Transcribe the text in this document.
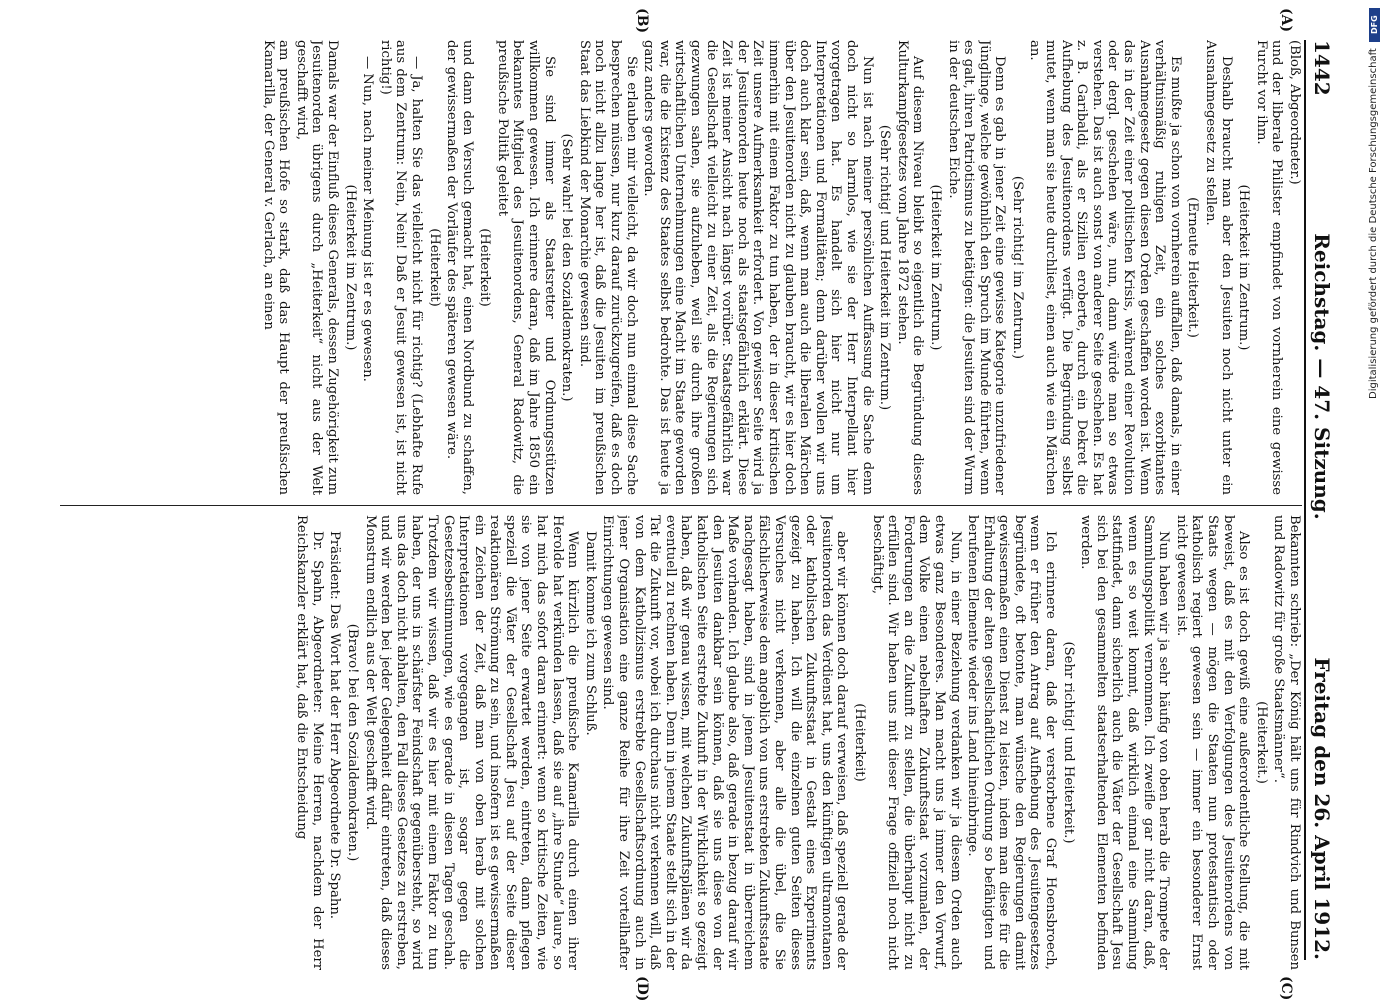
1442
Reichstag. — 47. Sitzung.
Freitag den 26. April 1912.
(A)
(B)
(C)
(D)

(Bloß, Abgeordneter.)

und der liberale Philister empfindet von vornherein eine gewisse Furcht vor ihm.

(Heiterkeit im Zentrum.)

Deshalb braucht man aber den Jesuiten noch nicht unter ein Ausnahmegesetz zu stellen.

(Erneute Heiterkeit.)

Es mußte ja schon von vornherein auffallen, daß damals, in einer verhältnismäßig ruhigen Zeit, ein solches exorbitantes Ausnahmegesetz gegen diesen Orden geschaffen worden ist. Wenn das in der Zeit einer politischen Krisis, während einer Revolution oder dergl. geschehen wäre, nun, dann würde man so etwas verstehen. Das ist auch sonst von anderer Seite geschehen. Es hat z. B. Garibaldi, als er Sizilien eroberte, durch ein Dekret die Aufhebung des Jesuitenordens verfügt. Die Begründung selbst mutet, wenn man sie heute durchliest, einen auch wie ein Märchen an.

(Sehr richtig! im Zentrum.)

Denn es gab in jener Zeit eine gewisse Kategorie unzufriedener Jünglinge, welche gewöhnlich den Spruch im Munde führten, wenn es galt, ihren Patriotismus zu betätigen: die Jesuiten sind der Wurm in der deutschen Eiche.

(Heiterkeit im Zentrum.)

Auf diesem Niveau bleibt so eigentlich die Begründung dieses Kulturkampfgesetzes vom Jahre 1872 stehen.

(Sehr richtig! und Heiterkeit im Zentrum.)

Nun ist nach meiner persönlichen Auffassung die Sache denn doch nicht so harmlos, wie sie der Herr Interpellant hier vorgetragen hat. Es handelt sich hier nicht nur um Interpretationen und Formalitäten; denn darüber wollen wir uns doch auch klar sein, daß, wenn man auch die liberalen Märchen über den Jesuitenorden nicht zu glauben braucht, wir es hier doch immerhin mit einem Faktor zu tun haben, der in dieser kritischen Zeit unsere Aufmerksamkeit erfordert. Von gewisser Seite wird ja der Jesuitenorden heute noch als staatsgefährlich erklärt. Diese Zeit ist meiner Ansicht nach längst vorüber. Staatsgefährlich war die Gesellschaft vielleicht zu einer Zeit, als die Regierungen sich gezwungen sahen, sie aufzuheben, weil sie durch ihre großen wirtschaftlichen Unternehmungen eine Macht im Staate geworden war, die die Existenz des Staates selbst bedrohte. Das ist heute ja ganz anders geworden.

Sie erlauben mir vielleicht, da wir doch nun einmal diese Sache besprechen müssen, nur kurz darauf zurückzugreifen, daß es doch noch nicht allzu lange her ist, daß die Jesuiten im preußischen Staat das Liebkind der Monarchie gewesen sind.

(Sehr wahr! bei den Sozialdemokraten.)

Sie sind immer als Staatsretter und Ordnungsstützen willkommen gewesen. Ich erinnere daran, daß im Jahre 1850 ein bekanntes Mitglied des Jesuitenordens, General Radowitz, die preußische Politik geleitet

(Heiterkeit)

und dann den Versuch gemacht hat, einen Nordbund zu schaffen, der gewissermaßen der Vorläufer des späteren gewesen wäre.

(Heiterkeit)

— Ja, halten Sie das vielleicht nicht für richtig? (Lebhafte Rufe aus dem Zentrum: Nein, Nein! Daß er Jesuit gewesen ist, ist nicht richtig!)

— Nun, nach meiner Meinung ist er es gewesen.

(Heiterkeit im Zentrum.)

Damals war der Einfluß dieses Generals, dessen Zugehörigkeit zum Jesuitenorden übrigens durch „Heiterkeit“ nicht aus der Welt geschafft wird,

am preußischen Hofe so stark, daß das Haupt der preußischen Kamarilla, der General v. Gerlach, an einen

Bekannten schrieb: „Der König hält uns für Rindvich und Bunsen und Radowitz für große Staatsmänner“.

(Heiterkeit.)

Also es ist doch gewiß eine außerordentliche Stellung, die mit beweist, daß es mit den Verfolgungen des Jesuitenordens von Staats wegen — mögen die Staaten nun protestantisch oder katholisch regiert gewesen sein — immer ein besonderer Ernst nicht gewesen ist.

Nun haben wir ja sehr häufig von oben herab die Trompete der Sammlungspolitik vernommen. Ich zweifle gar nicht daran, daß, wenn es so weit kommt, daß wirklich einmal eine Sammlung stattfindet, dann sicherlich auch die Väter der Gesellschaft Jesu sich bei den gesammelten staatserhaltenden Elementen befinden werden.

(Sehr richtig! und Heiterkeit.)

Ich erinnere daran, daß der verstorbene Graf Hoensbroech, wenn er früher den Antrag auf Aufhebung des Jesuitengesetzes begründete, oft betonte, man wünsche den Regierungen damit gewissermaßen einen Dienst zu leisten, indem man diese für die Erhaltung der alten gesellschaftlichen Ordnung so befähigten und berufenen Elemente wieder ins Land hineinbringe.

Nun, in einer Beziehung verdanken wir ja diesem Orden auch etwas ganz Besonderes. Man macht uns ja immer den Vorwurf, dem Volke einen nebelhaften Zukunftsstaat vorzumalen, der Forderungen an die Zukunft zu stellen, die überhaupt nicht zu erfüllen sind. Wir haben uns mit dieser Frage offiziell noch nicht beschäftigt,

(Heiterkeit)

aber wir können doch darauf verweisen, daß speziell gerade der Jesuitenorden das Verdienst hat, uns den künftigen ultramontanen oder katholischen Zukunftsstaat in Gestalt eines Experiments gezeigt zu haben. Ich will die einzelnen guten Seiten dieses Versuches nicht verkennen, aber alle die übel, die Sie fälschlicherweise dem angeblich von uns erstrebten Zukunftsstaate nachgesagt haben, sind in jenem Jesuitenstaat in überreichem Maße vorhanden. Ich glaube also, daß gerade in bezug darauf wir den Jesuiten dankbar sein können, daß sie uns diese von der katholischen Seite erstrebte Zukunft in der Wirklichkeit so gezeigt haben, daß wir genau wissen, mit welchen Zukunftsplänen wir da eventuell zu rechnen haben. Denn in jenem Staate stellt sich in der Tat die Zukunft vor, wobei ich durchaus nicht verkennen will, daß von dem Katholizismus erstrebte Gesellschaftsordnung auch in jener Organisation eine ganze Reihe für ihre Zeit vorteilhafter Einrichtungen gewesen sind.

Damit komme ich zum Schluß.

Wenn kürzlich die preußische Kamarilla durch einen ihrer Herolde hat verkünden lassen, daß sie auf „ihre Stunde“ laure, so hat mich das sofort daran erinnert: wenn so kritische Zeiten, wie sie von jener Seite erwartet werden, eintreten, dann pflegen speziell die Väter der Gesellschaft Jesu auf der Seite dieser reaktionären Strömung zu sein, und insofern ist es gewissermaßen ein Zeichen der Zeit, daß man von oben herab mit solchen Interpretationen vorgegangen ist, sogar gegen die Gesetzesbestimmungen, wie es gerade in diesen Tagen geschah. Trotzdem wir wissen, daß wir es hier mit einem Faktor zu tun haben, der uns in schärfster Feindschaft gegenübersteht, so wird uns das doch nicht abhalten, den Fall dieses Gesetzes zu erstreben, und wir werden bei jeder Gelegenheit dafür eintreten, daß dieses Monstrum endlich aus der Welt geschafft wird.

(Bravo! bei den Sozialdemokraten.)

Präsident: Das Wort hat der Herr Abgeordnete Dr. Spahn.

Dr. Spahn, Abgeordneter: Meine Herren, nachdem der Herr Reichskanzler erklärt hat, daß die Entscheidung

Digitalisierung gefördert durch die Deutsche Forschungsgemeinschaft
DFG
